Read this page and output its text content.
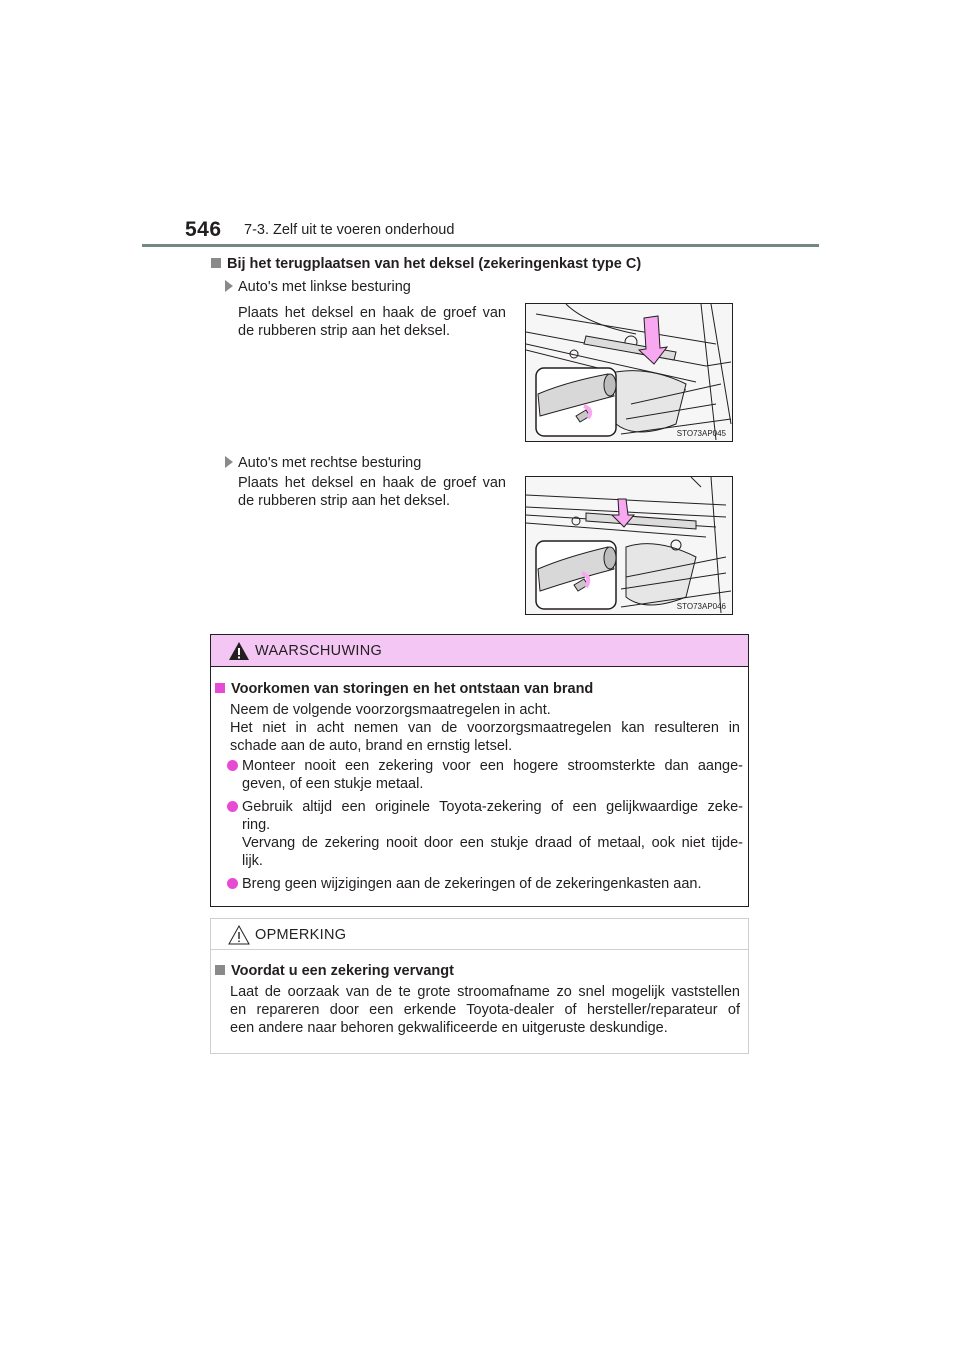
546 7-3. Zelf uit te voeren onderhoud
Bij het terugplaatsen van het deksel (zekeringenkast type C)
Auto's met linkse besturing
Plaats het deksel en haak de groef van
de rubberen strip aan het deksel.
STO73AP045
Auto's met rechtse besturing
Plaats het deksel en haak de groef van
de rubberen strip aan het deksel.
STO73AP046
WAARSCHUWING
Voorkomen van storingen en het ontstaan van brand
Neem de volgende voorzorgsmaatregelen in acht.
Het niet in acht nemen van de voorzorgsmaatregelen kan resulteren in
schade aan de auto, brand en ernstig letsel.
Monteer nooit een zekering voor een hogere stroomsterkte dan aange-
geven, of een stukje metaal.
Gebruik altijd een originele Toyota-zekering of een gelijkwaardige zeke-
ring.
Vervang de zekering nooit door een stukje draad of metaal, ook niet tijde-
lijk.
Breng geen wijzigingen aan de zekeringen of de zekeringenkasten aan.
OPMERKING
Voordat u een zekering vervangt
Laat de oorzaak van de te grote stroomafname zo snel mogelijk vaststellen
en repareren door een erkende Toyota-dealer of hersteller/reparateur of
een andere naar behoren gekwalificeerde en uitgeruste deskundige.
